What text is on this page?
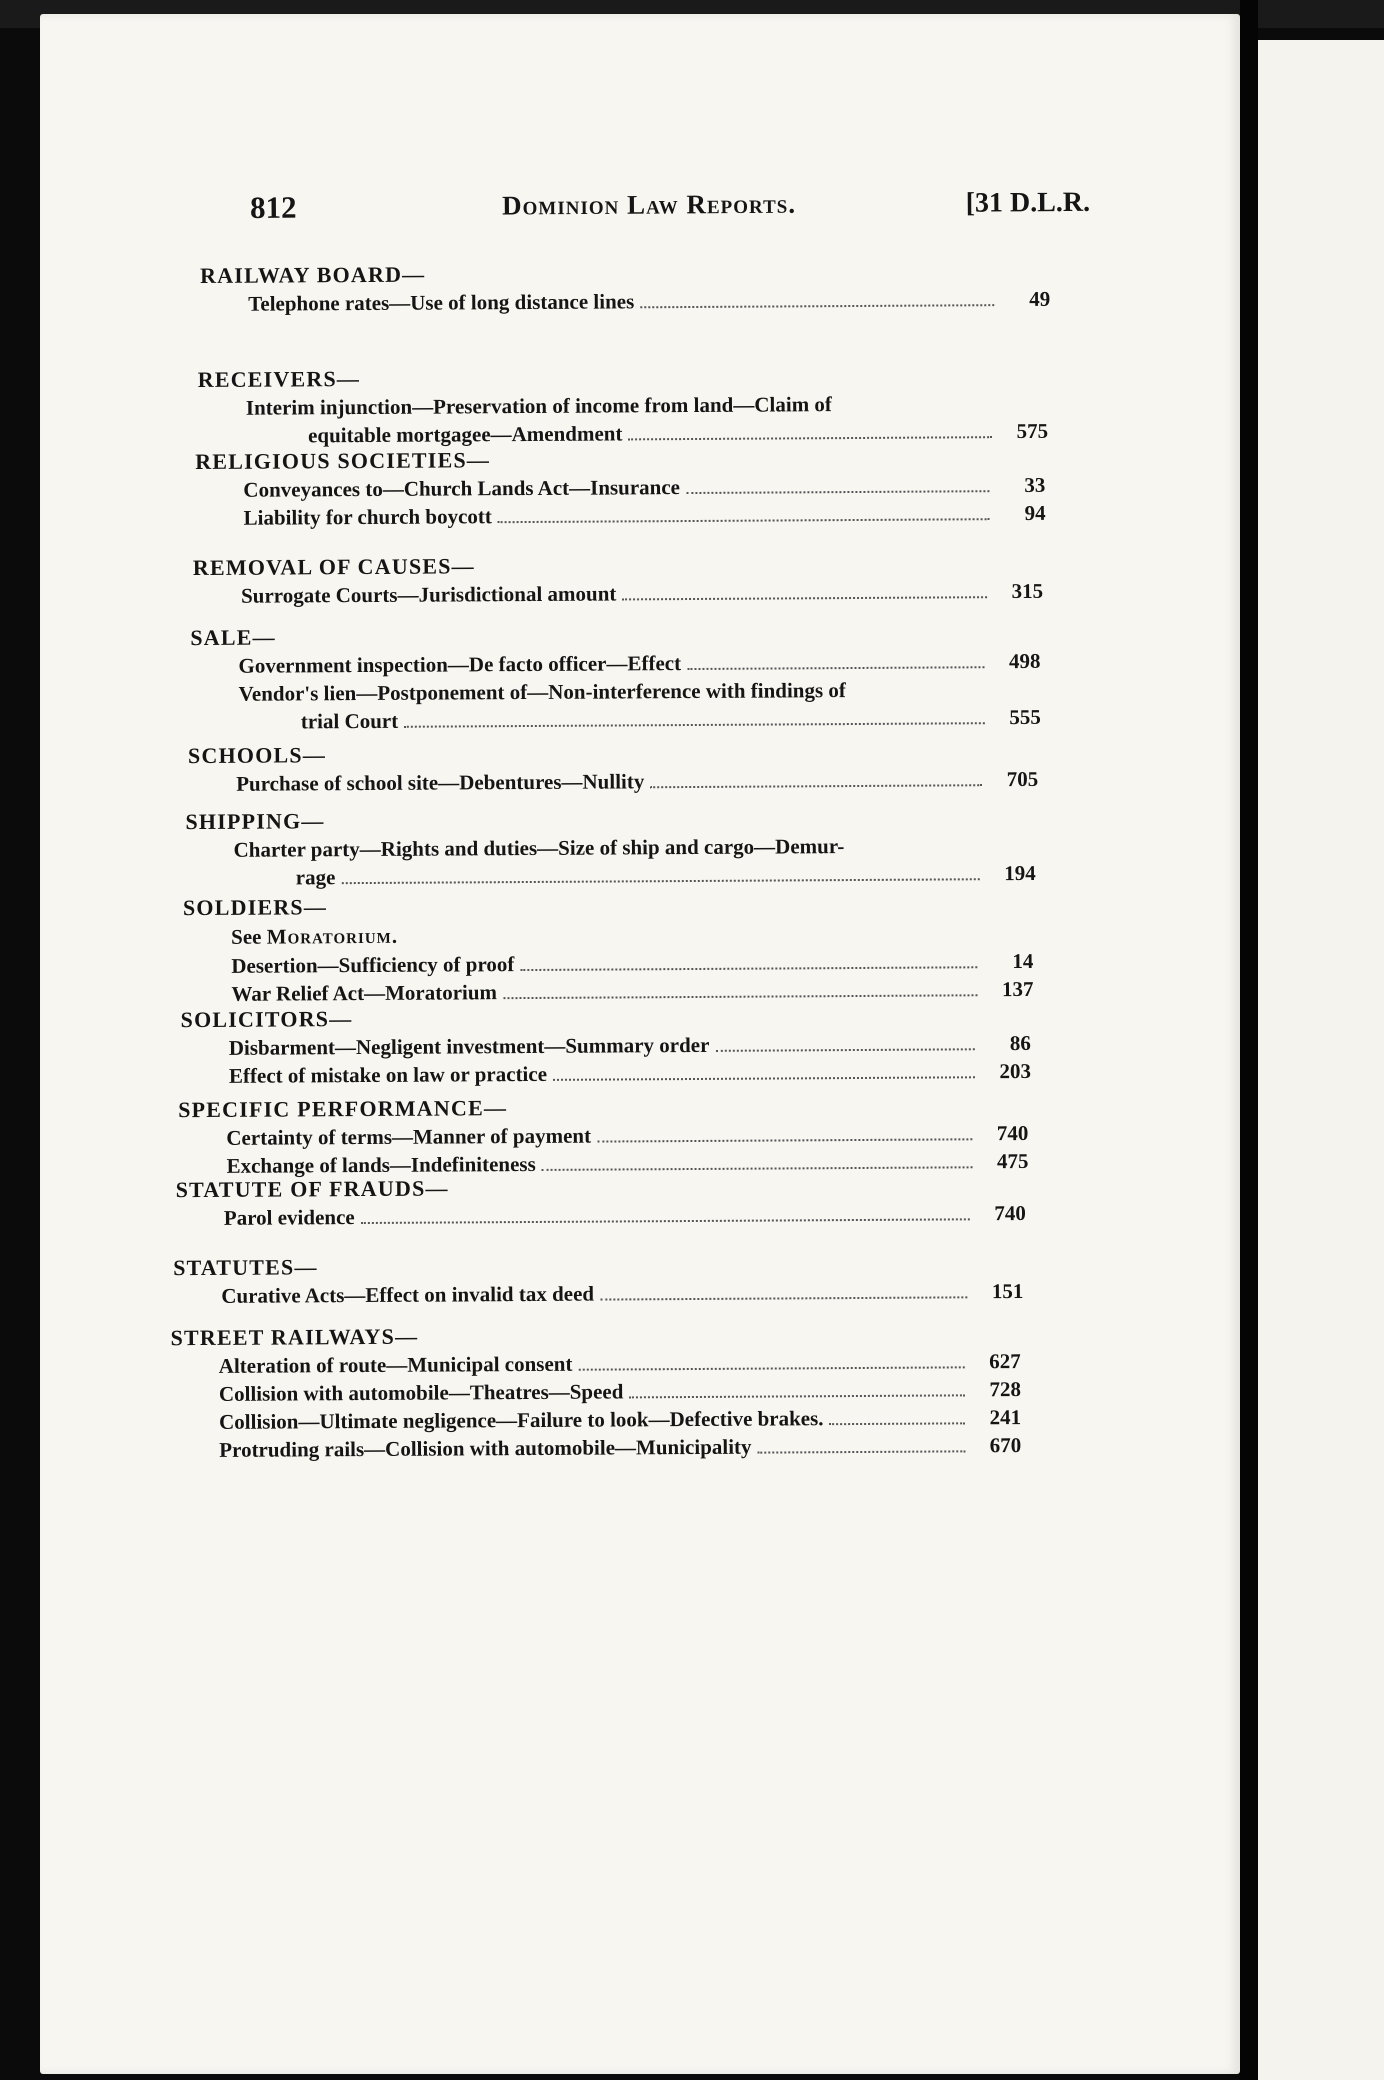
812	Dominion Law Reports.	[31 D.L.R.
RAILWAY BOARD—
Telephone rates—Use of long distance lines	49
RECEIVERS—
Interim injunction—Preservation of income from land—Claim of
equitable mortgagee—Amendment	575
RELIGIOUS SOCIETIES—
Conveyances to—Church Lands Act—Insurance	33
Liability for church boycott	94
REMOVAL OF CAUSES—
Surrogate Courts—Jurisdictional amount	315
SALE—
Government inspection—De facto officer—Effect	498
Vendor's lien—Postponement of—Non-interference with findings of
trial Court	555
SCHOOLS—
Purchase of school site—Debentures—Nullity	705
SHIPPING—
Charter party—Rights and duties—Size of ship and cargo—Demur-
rage	194
SOLDIERS—
See Moratorium.
Desertion—Sufficiency of proof	14
War Relief Act—Moratorium	137
SOLICITORS—
Disbarment—Negligent investment—Summary order	86
Effect of mistake on law or practice	203
SPECIFIC PERFORMANCE—
Certainty of terms—Manner of payment	740
Exchange of lands—Indefiniteness	475
STATUTE OF FRAUDS—
Parol evidence	740
STATUTES—
Curative Acts—Effect on invalid tax deed	151
STREET RAILWAYS—
Alteration of route—Municipal consent	627
Collision with automobile—Theatres—Speed	728
Collision—Ultimate negligence—Failure to look—Defective brakes.	241
Protruding rails—Collision with automobile—Municipality	670
